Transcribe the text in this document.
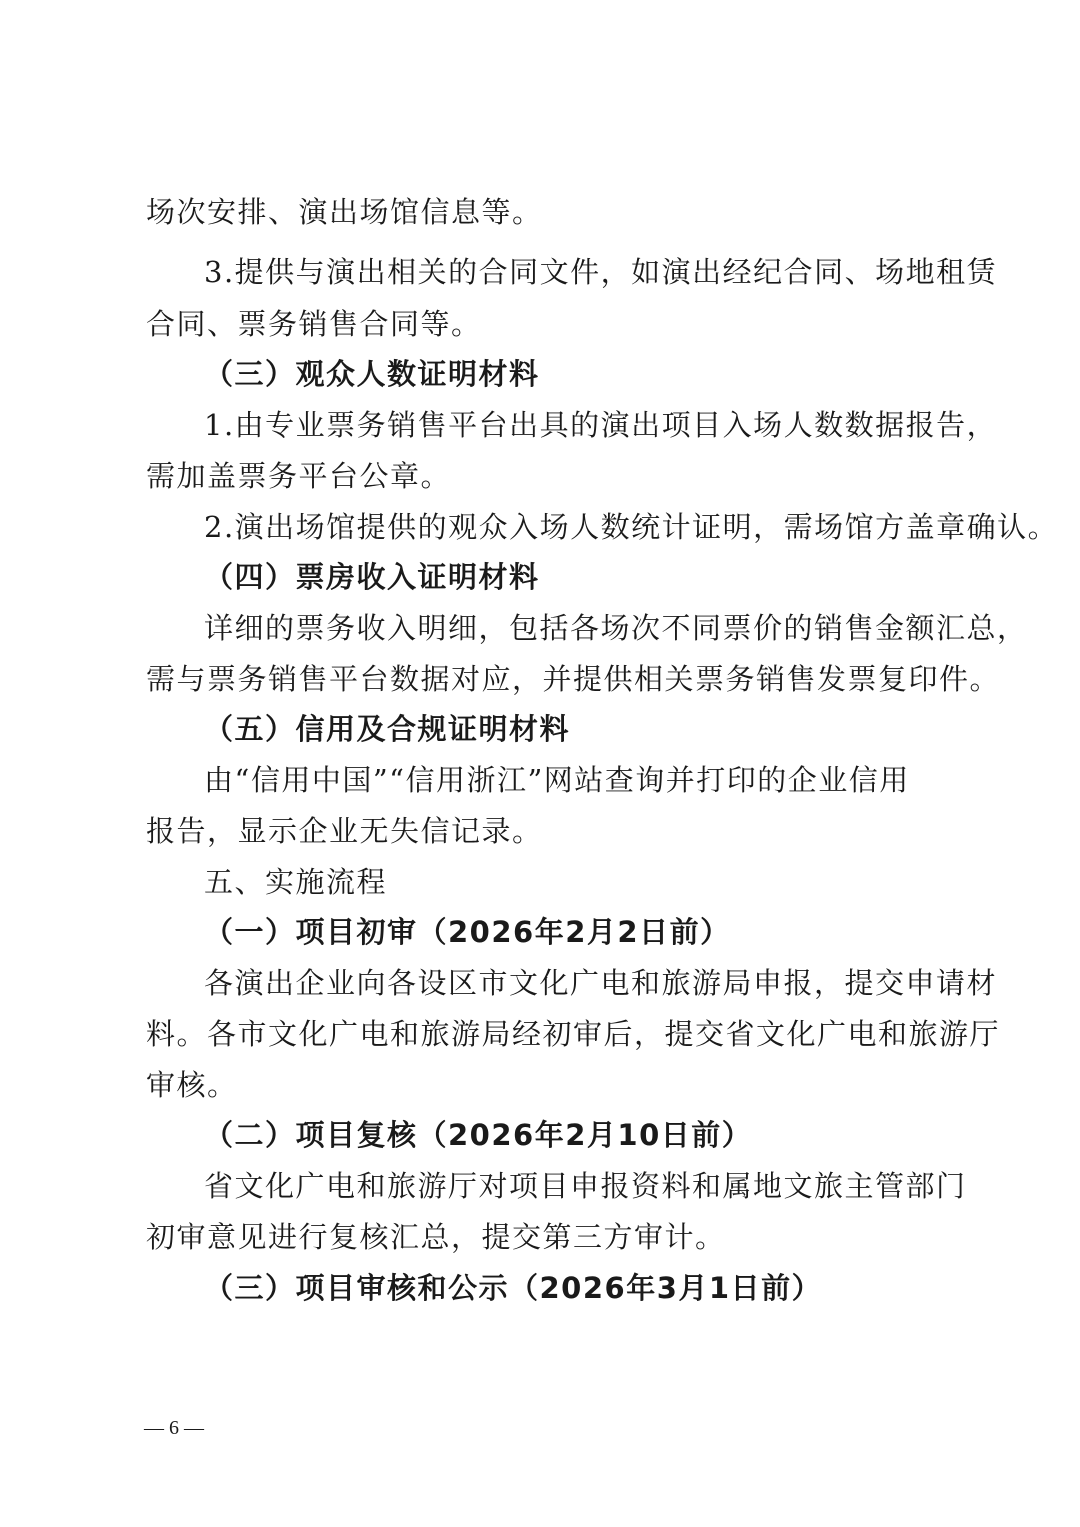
场次安排、演出场馆信息等。
3.提供与演出相关的合同文件，如演出经纪合同、场地租赁
合同、票务销售合同等。
（三）观众人数证明材料
1.由专业票务销售平台出具的演出项目入场人数数据报告，
需加盖票务平台公章。
2.演出场馆提供的观众入场人数统计证明，需场馆方盖章确认。
（四）票房收入证明材料
详细的票务收入明细，包括各场次不同票价的销售金额汇总，
需与票务销售平台数据对应，并提供相关票务销售发票复印件。
（五）信用及合规证明材料
由“信用中国”“信用浙江”网站查询并打印的企业信用
报告，显示企业无失信记录。
五、实施流程
（一）项目初审（2026年2月2日前）
各演出企业向各设区市文化广电和旅游局申报，提交申请材
料。各市文化广电和旅游局经初审后，提交省文化广电和旅游厅
审核。
（二）项目复核（2026年2月10日前）
省文化广电和旅游厅对项目申报资料和属地文旅主管部门
初审意见进行复核汇总，提交第三方审计。
（三）项目审核和公示（2026年3月1日前）
— 6 —
